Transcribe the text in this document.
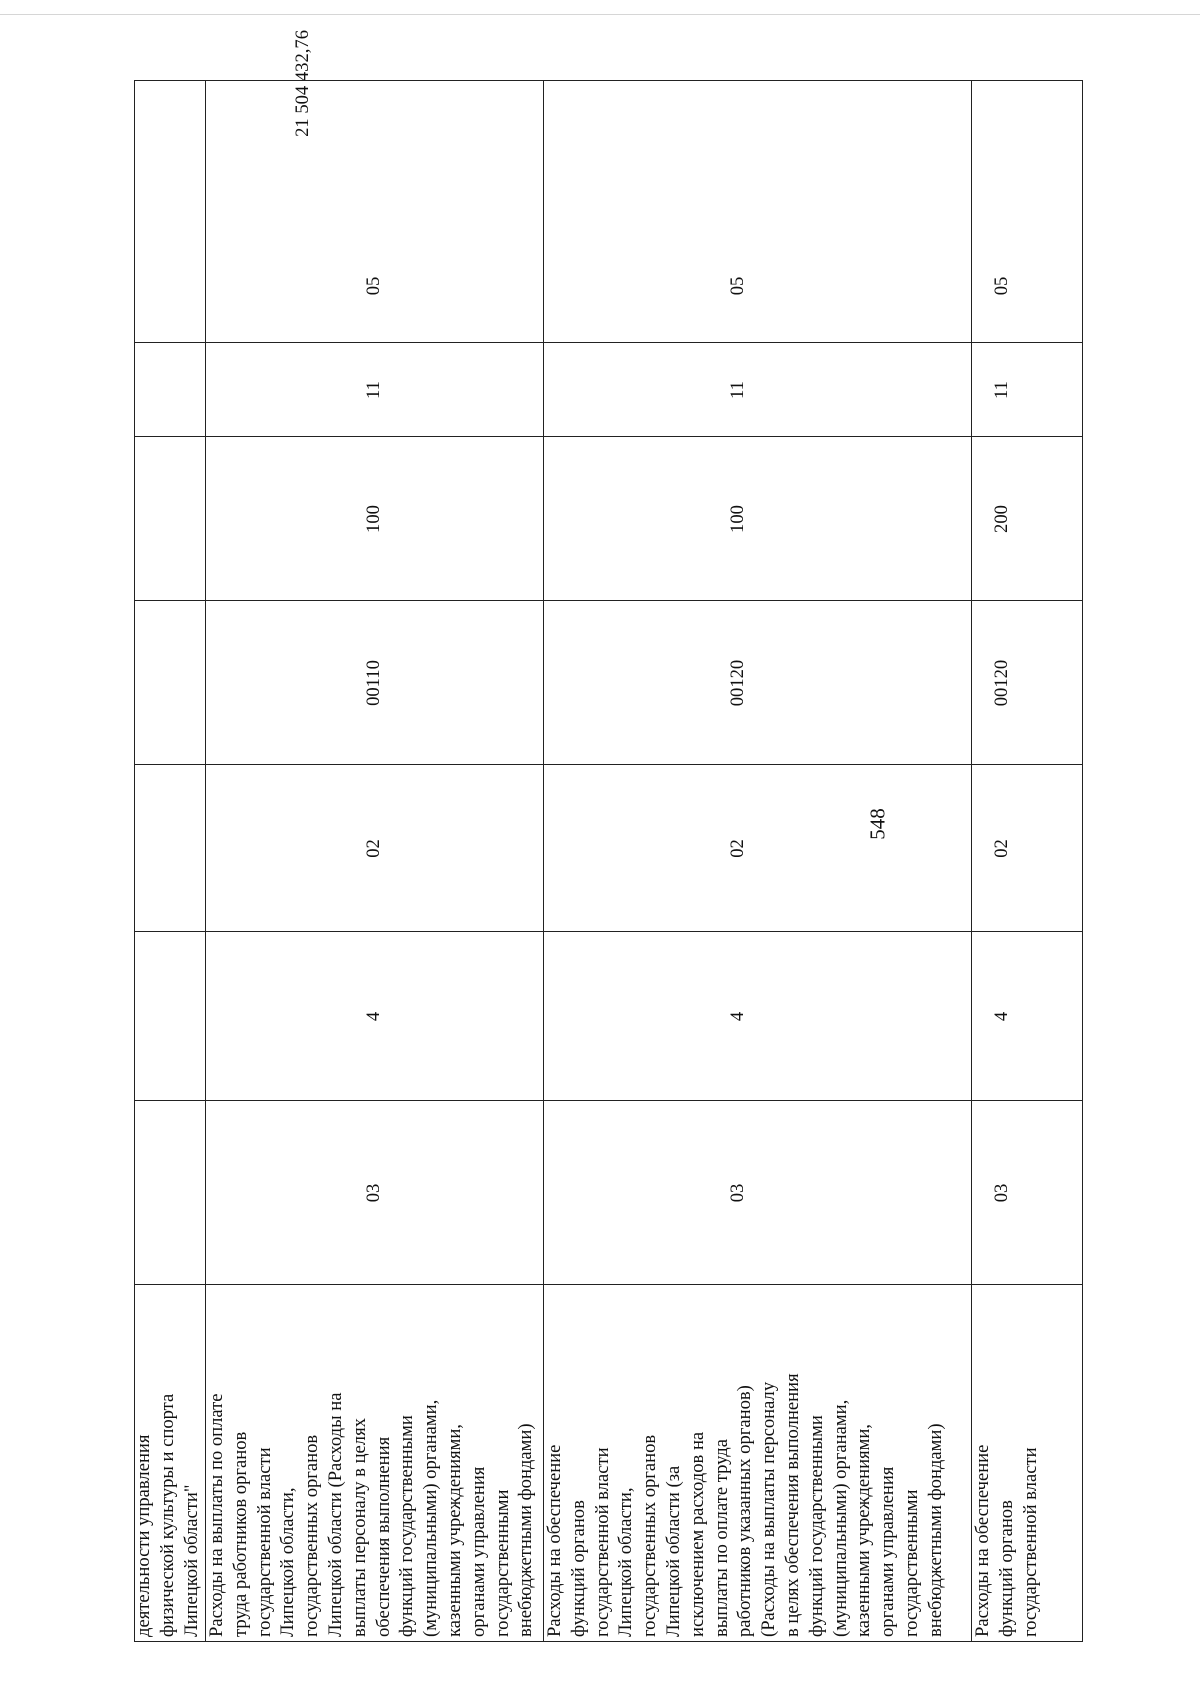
548
деятельности управления
физической культуры и спорта
Липецкой области"
Расходы на выплаты по оплате
труда работников органов
государственной власти
Липецкой области,
государственных органов
Липецкой области (Расходы на
выплаты персоналу в целях
обеспечения выполнения
функций государственными
(муниципальными) органами,
казенными учреждениями,
органами управления
государственными
внебюджетными фондами)
03
4
02
00110
100
11
05
Расходы на обеспечение
функций органов
государственной власти
Липецкой области,
государственных органов
Липецкой области (за
исключением расходов на
выплаты по оплате труда
работников указанных органов)
(Расходы на выплаты персоналу
в целях обеспечения выполнения
функций государственными
(муниципальными) органами,
казенными учреждениями,
органами управления
государственными
внебюджетными фондами)
03
4
02
00120
100
11
05
Расходы на обеспечение
функций органов
государственной власти
03
4
02
00120
200
11
05
21 504 432,76
